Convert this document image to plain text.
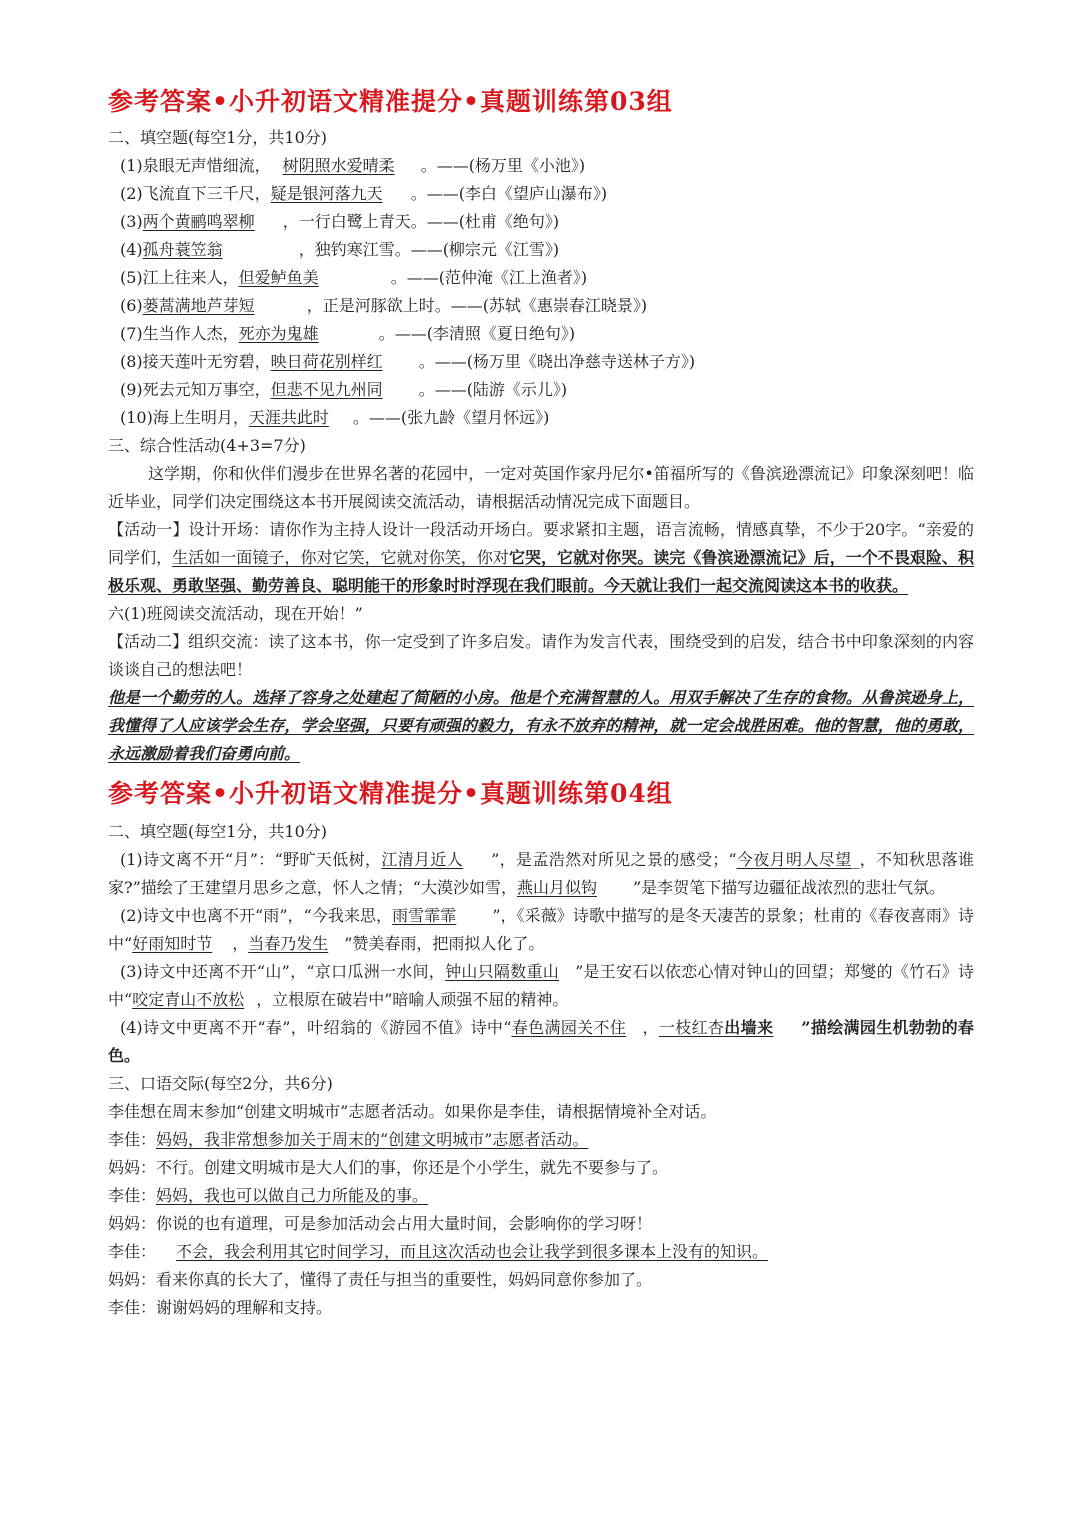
参考答案•小升初语文精准提分•真题训练第03组
二、填空题(每空1分，共10分)
(1)泉眼无声惜细流， 树阴照水爱晴柔 。——(杨万里《小池》)
(2)飞流直下三千尺，疑是银河落九天 。——(李白《望庐山瀑布》)
(3)两个黄鹂鸣翠柳 ，一行白鹭上青天。——(杜甫《绝句》)
(4)孤舟蓑笠翁	，独钓寒江雪。——(柳宗元《江雪》)
(5)江上往来人，但爱鲈鱼美	。——(范仲淹《江上渔者》)
(6)蒌蒿满地芦芽短	，正是河豚欲上时。——(苏轼《惠崇春江晓景》)
(7)生当作人杰，死亦为鬼雄	。——(李清照《夏日绝句》)
(8)接天莲叶无穷碧，映日荷花别样红 。——(杨万里《晓出净慈寺送林子方》)
(9)死去元知万事空，但悲不见九州同 。——(陆游《示儿》)
(10)海上生明月，天涯共此时 。——(张九龄《望月怀远》)
三、综合性活动(4+3=7分)
这学期，你和伙伴们漫步在世界名著的花园中，一定对英国作家丹尼尔•笛福所写的《鲁滨逊漂流记》印象深刻吧！临近毕业，同学们决定围绕这本书开展阅读交流活动，请根据活动情况完成下面题目。
【活动一】设计开场：请你作为主持人设计一段活动开场白。要求紧扣主题，语言流畅，情感真挚，不少于20字。“亲爱的同学们，生活如一面镜子，你对它笑，它就对你笑，你对它哭，它就对你哭。读完《鲁滨逊漂流记》后，一个不畏艰险、积极乐观、勇敢坚强、勤劳善良、聪明能干的形象时时浮现在我们眼前。今天就让我们一起交流阅读这本书的收获。
六(1)班阅读交流活动，现在开始！”
【活动二】组织交流：读了这本书，你一定受到了许多启发。请作为发言代表，围绕受到的启发，结合书中印象深刻的内容谈谈自己的想法吧！
他是一个勤劳的人。选择了容身之处建起了简陋的小房。他是个充满智慧的人。用双手解决了生存的食物。从鲁滨逊身上，我懂得了人应该学会生存，学会坚强，只要有顽强的毅力，有永不放弃的精神，就一定会战胜困难。他的智慧，他的勇敢，永远激励着我们奋勇向前。
参考答案•小升初语文精准提分•真题训练第04组
二、填空题(每空1分，共10分)
(1)诗文离不开“月”：“野旷天低树，江清月近人 ”，是孟浩然对所见之景的感受；“今夜月明人尽望_，不知秋思落谁家?”描绘了王建望月思乡之意，怀人之情；“大漠沙如雪，燕山月似钩 ”是李贺笔下描写边疆征战浓烈的悲壮气氛。
(2)诗文中也离不开“雨”，“今我来思，雨雪霏霏 ”，《采薇》诗歌中描写的是冬天凄苦的景象；杜甫的《春夜喜雨》诗中“好雨知时节 ，当春乃发生 ”赞美春雨，把雨拟人化了。
(3)诗文中还离不开“山”，“京口瓜洲一水间，钟山只隔数重山 ”是王安石以依恋心情对钟山的回望；郑燮的《竹石》诗中“咬定青山不放松 ，立根原在破岩中”暗喻人顽强不屈的精神。
(4)诗文中更离不开“春”，叶绍翁的《游园不值》诗中“春色满园关不住 ，一枝红杏出墙来 ”描绘满园生机勃勃的春色。
三、口语交际(每空2分，共6分)
李佳想在周末参加“创建文明城市”志愿者活动。如果你是李佳，请根据情境补全对话。
李佳：妈妈，我非常想参加关于周末的“创建文明城市”志愿者活动。
妈妈：不行。创建文明城市是大人们的事，你还是个小学生，就先不要参与了。
李佳：妈妈，我也可以做自己力所能及的事。
妈妈：你说的也有道理，可是参加活动会占用大量时间，会影响你的学习呀！
李佳： 不会，我会利用其它时间学习，而且这次活动也会让我学到很多课本上没有的知识。
妈妈：看来你真的长大了，懂得了责任与担当的重要性，妈妈同意你参加了。
李佳：谢谢妈妈的理解和支持。
